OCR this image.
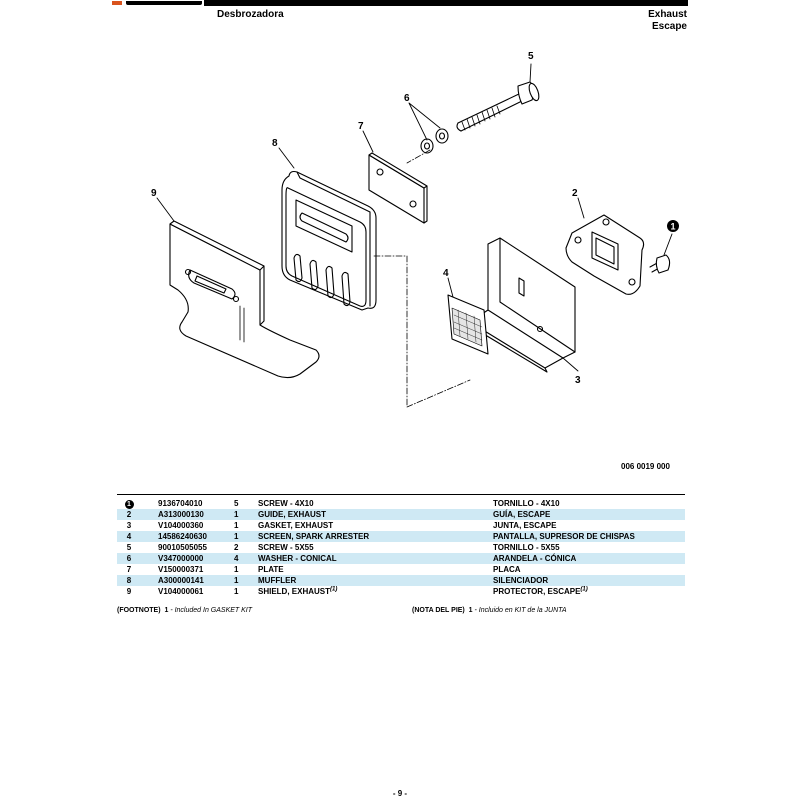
Desbrozadora	Exhaust
Escape
5
6
7
8
9	2
1
4
3
006 0019 000
1	9136704010	5	SCREW - 4X10	TORNILLO - 4X10
2	A313000130	1	GUIDE, EXHAUST	GUÍA, ESCAPE
3	V104000360	1	GASKET, EXHAUST	JUNTA, ESCAPE
4	14586240630	1	SCREEN, SPARK ARRESTER	PANTALLA, SUPRESOR DE CHISPAS
5	90010505055	2	SCREW - 5X55	TORNILLO - 5X55
6	V347000000	4	WASHER - CONICAL	ARANDELA - CÓNICA
7	V150000371	1	PLATE	PLACA
8	A300000141	1	MUFFLER	SILENCIADOR
9	V104000061	1	SHIELD, EXHAUST$^{(1)}$	PROTECTOR, ESCAPE$^{(1)}$
(FOOTNOTE) 1 - Included In GASKET KIT	(NOTA DEL PIE) 1 - Incluido en KIT de la JUNTA
- 9 -
